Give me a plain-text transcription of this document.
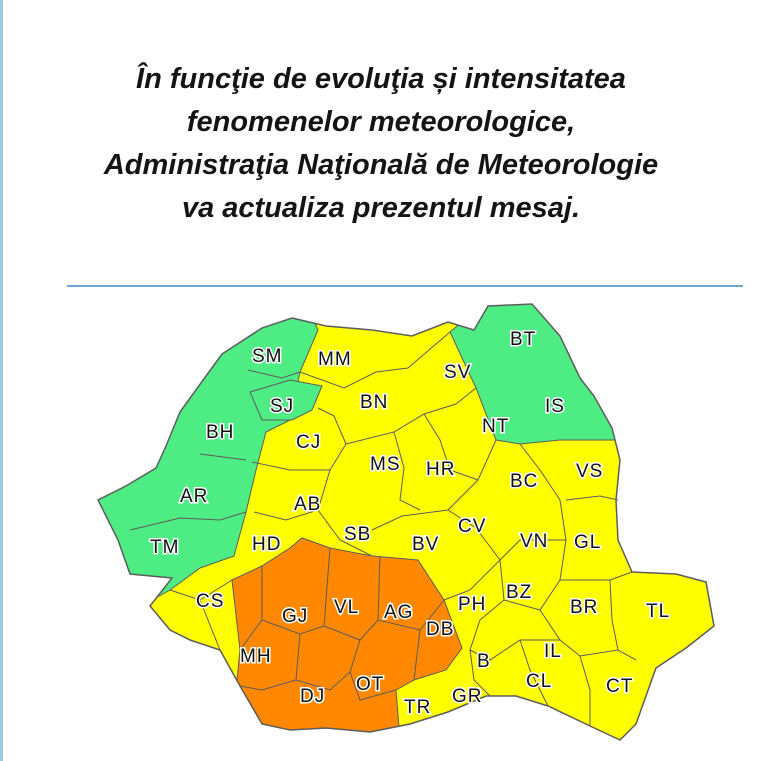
În funcţie de evoluţia și intensitatea
fenomenelor meteorologice,
Administraţia Naţională de Meteorologie
va actualiza prezentul mesaj.
SM MM
SV
BT
SJ	BN	IS
BH	CJ
NT
MS HR
BC VS
AR	AB
SB	CV
TM	HD	BV	VN GL
CS	BZ
GJ VL AG PH	BR	TL
DB
MH	IL
B
OT
DJ
CL	CT
TR
GR
